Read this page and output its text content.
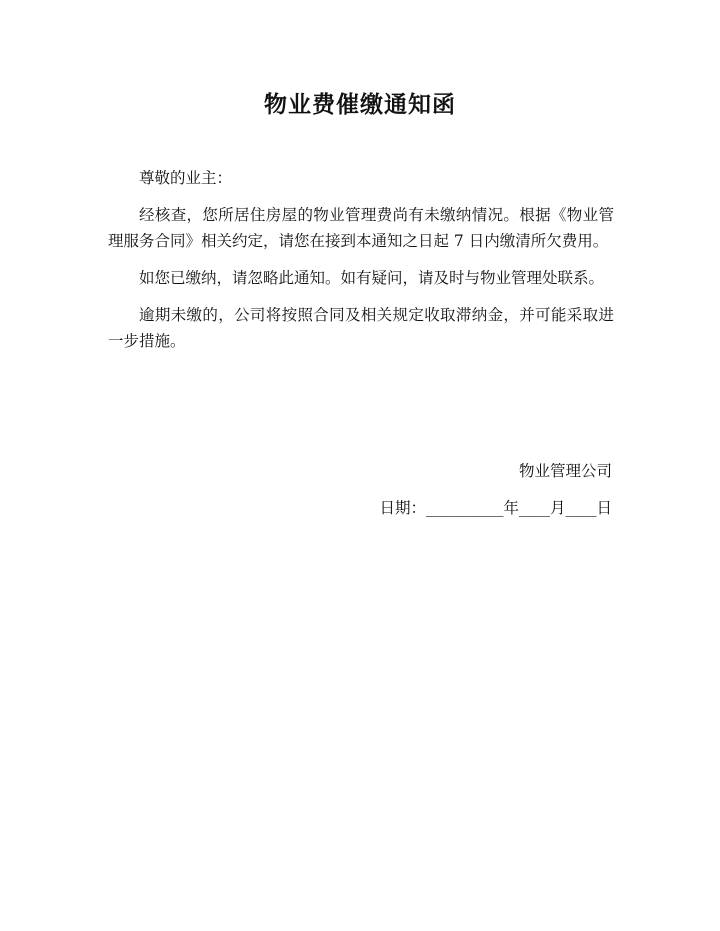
物业费催缴通知函

尊敬的业主：

经核查，您所居住房屋的物业管理费尚有未缴纳情况。根据《物业管理服务合同》相关约定，请您在接到本通知之日起 7 日内缴清所欠费用。

如您已缴纳，请忽略此通知。如有疑问，请及时与物业管理处联系。

逾期未缴的，公司将按照合同及相关规定收取滞纳金，并可能采取进一步措施。

物业管理公司
日期：__________年____月____日
